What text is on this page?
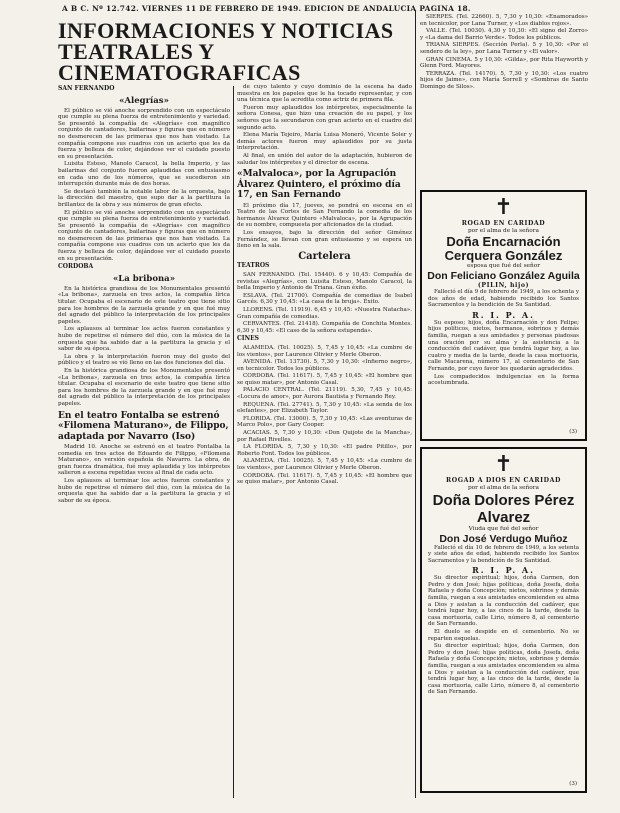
A B C. Nº 12.742. VIERNES 11 DE FEBRERO DE 1949. EDICION DE ANDALUCIA PAGINA 18.
INFORMACIONES Y NOTICIAS TEATRALES Y CINEMATOGRAFICAS

SAN FERNANDO

«Alegrías»

El público se vió anoche sorprendido con un espectáculo que cumple su plena fuerza de entretenimiento y variedad. Se presentó la compañía de «Alegrías» con magnífico conjunto de cantadores, bailarinas y figuras que en número no desmerecen de las primeras que nos han visitado. La compañía compone sus cuadros con un acierto que les da fuerza y belleza de color, dejándose ver el cuidado puesto en su presentación.

Luisita Esteso, Manolo Caracol, la bella Imperio, y las bailarinas del conjunto fueron aplaudidas con entusiasmo en cada uno de los números, que se sucedieron sin interrupción durante más de dos horas.

Se destacó también la notable labor de la orquesta, bajo la dirección del maestro, que supo dar a la partitura la brillantez de la obra y sus números de gran efecto.

El público se vió anoche sorprendido con un espectáculo que cumple su plena fuerza de entretenimiento y variedad. Se presentó la compañía de «Alegrías» con magnífico conjunto de cantadores, bailarinas y figuras que en número no desmerecen de las primeras que nos han visitado. La compañía compone sus cuadros con un acierto que les da fuerza y belleza de color, dejándose ver el cuidado puesto en su presentación.

CORDOBA

«La bribona»

En la histórica grandiosa de los Monumentales presentó «La bribona», zarzuela en tres actos, la compañía lírica titular. Ocupaba el escenario de este teatro que tiene sitio para los hombres de la zarzuela grande y en que fué muy del agrado del público la interpretación de los principales papeles.

Los aplausos al terminar los actos fueron constantes y hubo de repetirse el número del dúo, con la música de la orquesta que ha sabido dar a la partitura la gracia y el sabor de su época.

La obra y la interpretación fueron muy del gusto del público y el teatro se vió lleno en las dos funciones del día.

En la histórica grandiosa de los Monumentales presentó «La bribona», zarzuela en tres actos, la compañía lírica titular. Ocupaba el escenario de este teatro que tiene sitio para los hombres de la zarzuela grande y en que fué muy del agrado del público la interpretación de los principales papeles.

En el teatro Fontalba se estrenó «Filomena Maturano», de Filippo, adaptada por Navarro (Iso)

Madrid 10. Anoche se estrenó en el teatro Fontalba la comedia en tres actos de Eduardo de Filippo, «Filomena Maturano», en versión española de Navarro. La obra, de gran fuerza dramática, fué muy aplaudida y los intérpretes salieron a escena repetidas veces al final de cada acto.

Los aplausos al terminar los actos fueron constantes y hubo de repetirse el número del dúo, con la música de la orquesta que ha sabido dar a la partitura la gracia y el sabor de su época.

de cuyo talento y cuyo dominio de la escena ha dado muestra en los papeles que le ha tocado representar, y con una técnica que la acredita como actriz de primera fila.

Fueron muy aplaudidos los intérpretes, especialmente la señora Conesa, que hizo una creación de su papel, y los señores que la secundaron con gran acierto en el cuadro del segundo acto.

Elena María Tejeiro, María Luisa Moneró, Vicente Soler y demás actores fueron muy aplaudidos por su justa interpretación.

Al final, en unión del autor de la adaptación, hubieron de saludar los intérpretes y el director de escena.

«Malvaloca», por la Agrupación Álvarez Quintero, el próximo día 17, en San Fernando

El próximo día 17, jueves, se pondrá en escena en el Teatro de las Cortes de San Fernando la comedia de los hermanos Álvarez Quintero «Malvaloca», por la Agrupación de su nombre, compuesta por aficionados de la ciudad.

Los ensayos, bajo la dirección del señor Giménez Fernández, se llevan con gran entusiasmo y se espera un lleno en la sala.

Cartelera

TEATROS

SAN FERNANDO. (Tel. 15440). 6 y 10,45: Compañía de revistas «Alegrías», con Luisita Esteso, Manolo Caracol, la bella Imperio y Antonio de Triana. Gran éxito.

ESLAVA. (Tel. 21700). Compañía de comedias de Isabel Garcés. 6,30 y 10,45: «La casa de la bruja». Éxito.

LLORENS. (Tel. 11919). 6,45 y 10,45: «Nuestra Natacha». Gran compañía de comedias.

CERVANTES. (Tel. 21418). Compañía de Conchita Montes. 6,30 y 10,45: «El caso de la señora estupenda».

CINES

ALAMEDA. (Tel. 10025). 5, 7,45 y 10,45: «La cumbre de los vientos», por Laurence Olivier y Merle Oberon.

AVENIDA. (Tel. 13730). 5, 7,30 y 10,30: «Infierno negro», en tecnicolor. Todos los públicos.

CORDOBA. (Tel. 11617). 5, 7,45 y 10,45: «El hombre que se quiso matar», por Antonio Casal.

PALACIO CENTRAL. (Tel. 21119). 5,30, 7,45 y 10,45: «Locura de amor», por Aurora Bautista y Fernando Rey.

REQUENA. (Tel. 27741). 5, 7,30 y 10,45: «La senda de los elefantes», por Elizabeth Taylor.

FLORIDA. (Tel. 13000). 5, 7,30 y 10,45: «Las aventuras de Marco Polo», por Gary Cooper.

ACACIAS. 5, 7,30 y 10,30: «Don Quijote de la Mancha», por Rafael Rivelles.

LA FLORIDA. 5, 7,30 y 10,30: «El padre Pitillo», por Roberto Font. Todos los públicos.

ALAMEDA. (Tel. 10025). 5, 7,45 y 10,45: «La cumbre de los vientos», por Laurence Olivier y Merle Oberon.

CORDOBA. (Tel. 11617). 5, 7,45 y 10,45: «El hombre que se quiso matar», por Antonio Casal.

SIERPES. (Tel. 22660). 5, 7,30 y 10,30: «Enamorados» en tecnicolor, por Lana Turner, y «Los diablos rojos».

VALLE. (Tel. 10030). 4,30 y 10,30: «El signo del Zorro» y «La dama del Barrio Verde». Todos los públicos.

TRIANA SIERPES. (Sección Perla). 5 y 10,30: «Por el sendero de la ley», por Lana Turner y «El valor».

GRAN CINEMA. 5 y 10,30: «Gilda», por Rita Hayworth y Glenn Ford. Mayores.

TERRAZA. (Tel. 14170). 5, 7,30 y 10,30: «Los cuatro hijos de Jaime», con María Sorrell y «Sombras de Santo Domingo de Silos».

✝
ROGAD EN CARIDAD
por el alma de la señora
Doña Encarnación Cerquera González
esposa que fué del señor
Don Feliciano González Aguila
(PILIN, hijo)

Falleció el día 9 de febrero de 1949, a los ochenta y dos años de edad, habiendo recibido los Santos Sacramentos y la bendición de Su Santidad.

R. I. P. A.

Su esposo; hijos, doña Encarnación y don Felipe; hijos políticos, nietos, hermanos, sobrinos y demás familia, ruegan a sus amistades y personas piadosas una oración por su alma y la asistencia a la conducción del cadáver, que tendrá lugar hoy, a las cuatro y media de la tarde, desde la casa mortuoria, calle Macarena, número 17, al cementerio de San Fernando, por cuyo favor les quedarán agradecidos.

Los compadecidos indulgencias en la forma acostumbrada.

(3)
✝
ROGAD A DIOS EN CARIDAD
por el alma de la señora
Doña Dolores Pérez Alvarez
Viuda que fué del señor
Don José Verdugo Muñoz

Falleció el día 10 de febrero de 1949, a los setenta y siete años de edad, habiendo recibido los Santos Sacramentos y la bendición de Su Santidad.

R. I. P. A.

Su director espiritual; hijos, doña Carmen, don Pedro y don José; hijas políticas, doña Josefa, doña Rafaela y doña Concepción; nietos, sobrinos y demás familia, ruegan a sus amistades encomienden su alma a Dios y asistan a la conducción del cadáver, que tendrá lugar hoy, a las cinco de la tarde, desde la casa mortuoria, calle Lirio, número 8, al cementerio de San Fernando.

El duelo se despide en el cementerio. No se reparten esquelas.

Su director espiritual; hijos, doña Carmen, don Pedro y don José; hijas políticas, doña Josefa, doña Rafaela y doña Concepción; nietos, sobrinos y demás familia, ruegan a sus amistades encomienden su alma a Dios y asistan a la conducción del cadáver, que tendrá lugar hoy, a las cinco de la tarde, desde la casa mortuoria, calle Lirio, número 8, al cementerio de San Fernando.

(3)
